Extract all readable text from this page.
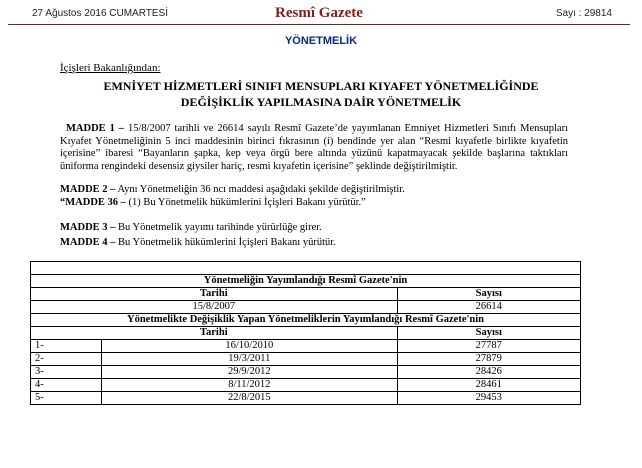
27 Ağustos 2016 CUMARTESİ	Resmî Gazete	Sayı : 29814
YÖNETMELİK
İçişleri Bakanlığından:
EMNİYET HİZMETLERİ SINIFI MENSUPLARI KIYAFET YÖNETMELİĞİNDE
DEĞİŞİKLİK YAPILMASINA DAİR YÖNETMELİK
MADDE 1 – 15/8/2007 tarihli ve 26614 sayılı Resmî Gazete’de yayımlanan Emniyet Hizmetleri Sınıfı Mensupları Kıyafet Yönetmeliğinin 5 inci maddesinin birinci fıkrasının (i) bendinde yer alan “Resmi kıyafetle birlikte kıyafetin içerisine” ibaresi “Bayanların şapka, kep veya örgü bere altında yüzünü kapatmayacak şekilde başlarına taktıkları üniforma rengindeki desensiz giysiler hariç, resmi kıyafetin içerisine” şeklinde değiştirilmiştir.
MADDE 2 – Aynı Yönetmeliğin 36 ncı maddesi aşağıdaki şekilde değiştirilmiştir.
“MADDE 36 – (1) Bu Yönetmelik hükümlerini İçişleri Bakanı yürütür.”
MADDE 3 – Bu Yönetmelik yayımı tarihinde yürürlüğe girer.
MADDE 4 – Bu Yönetmelik hükümlerini İçişleri Bakanı yürütür.

Yönetmeliğin Yayımlandığı Resmî Gazete'nin		
Tarihi		Sayısı
15/8/2007		26614
Yönetmelikte Değişiklik Yapan Yönetmeliklerin Yayımlandığı Resmî Gazete'nin		
Tarihi		Sayısı
1-	16/10/2010	27787
2-	19/3/2011	27879
3-	29/9/2012	28426
4-	8/11/2012	28461
5-	22/8/2015	29453
